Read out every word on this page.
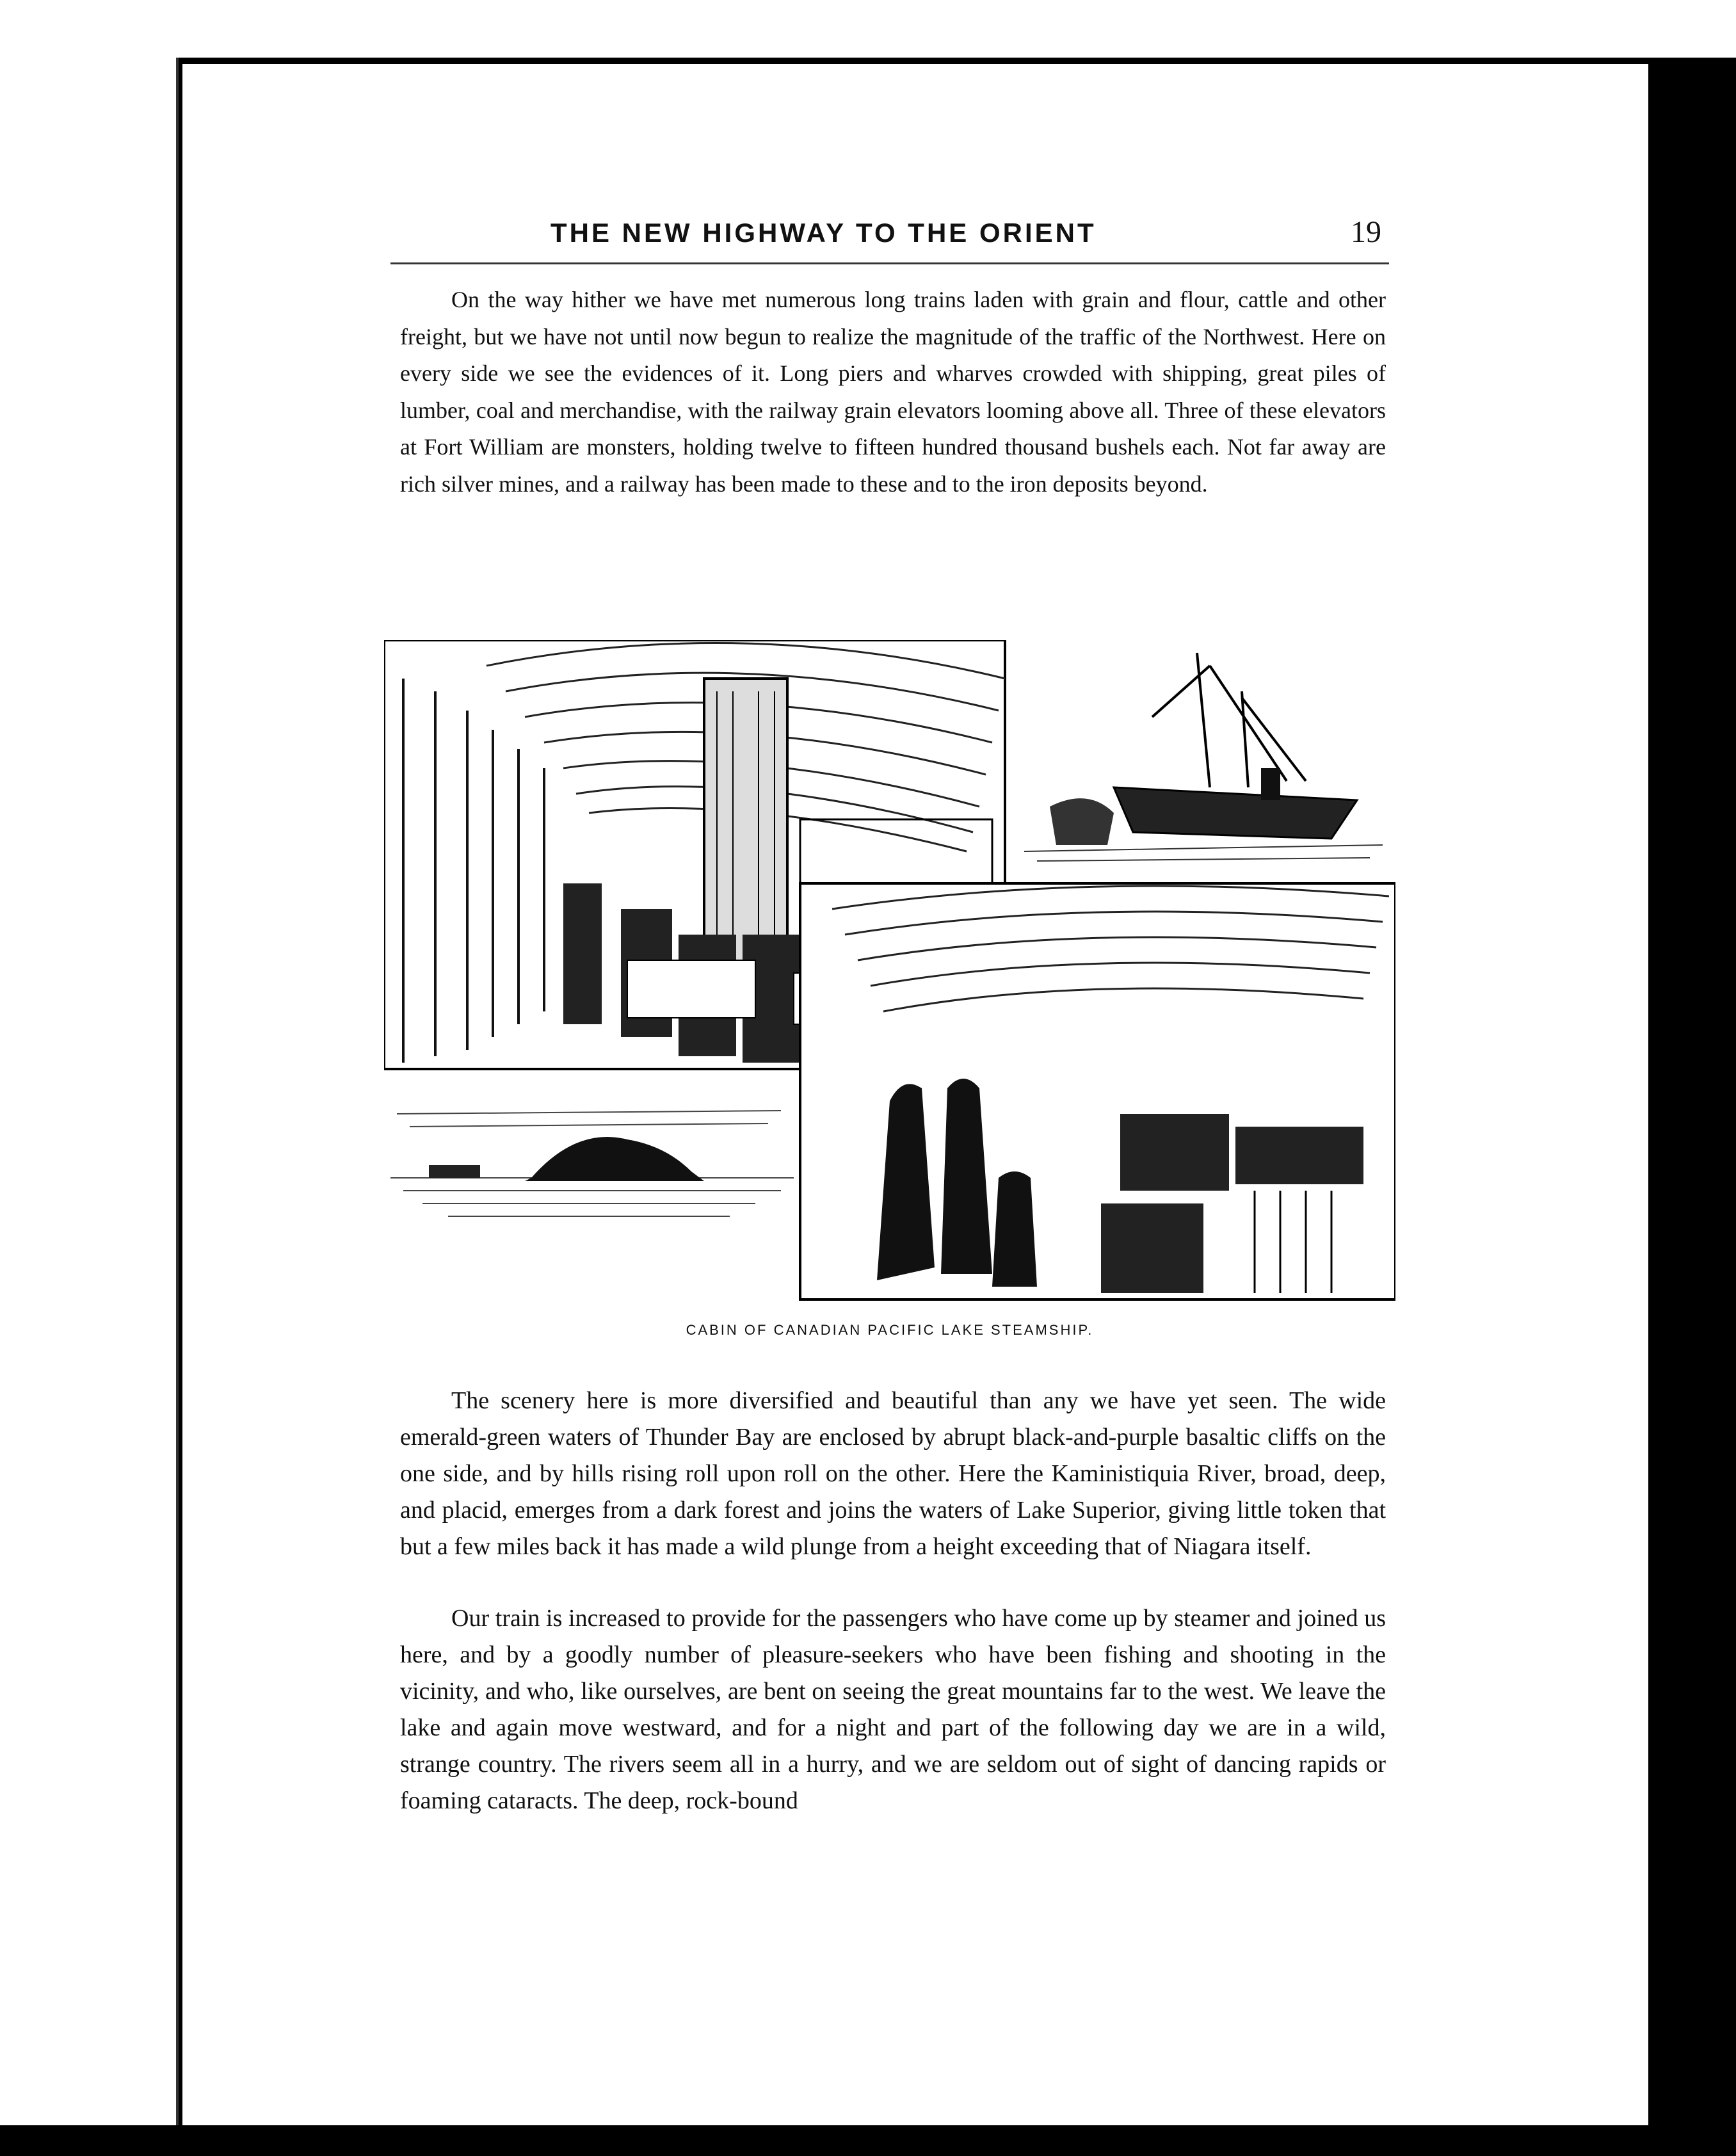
THE NEW HIGHWAY TO THE ORIENT	19

On the way hither we have met numerous long trains laden with grain and flour, cattle and other freight, but we have not until now begun to realize the magnitude of the traffic of the Northwest. Here on every side we see the evidences of it. Long piers and wharves crowded with shipping, great piles of lumber, coal and merchandise, with the railway grain elevators looming above all. Three of these elevators at Fort William are monsters, holding twelve to fifteen hundred thousand bushels each. Not far away are rich silver mines, and a railway has been made to these and to the iron deposits beyond.

CABIN OF CANADIAN PACIFIC LAKE STEAMSHIP.

The scenery here is more diversified and beautiful than any we have yet seen. The wide emerald-green waters of Thunder Bay are enclosed by abrupt black-and-purple basaltic cliffs on the one side, and by hills rising roll upon roll on the other. Here the Kaministiquia River, broad, deep, and placid, emerges from a dark forest and joins the waters of Lake Superior, giving little token that but a few miles back it has made a wild plunge from a height exceeding that of Niagara itself.

Our train is increased to provide for the passengers who have come up by steamer and joined us here, and by a goodly number of pleasure-seekers who have been fishing and shooting in the vicinity, and who, like ourselves, are bent on seeing the great mountains far to the west. We leave the lake and again move westward, and for a night and part of the following day we are in a wild, strange country. The rivers seem all in a hurry, and we are seldom out of sight of dancing rapids or foaming cataracts. The deep, rock-bound
